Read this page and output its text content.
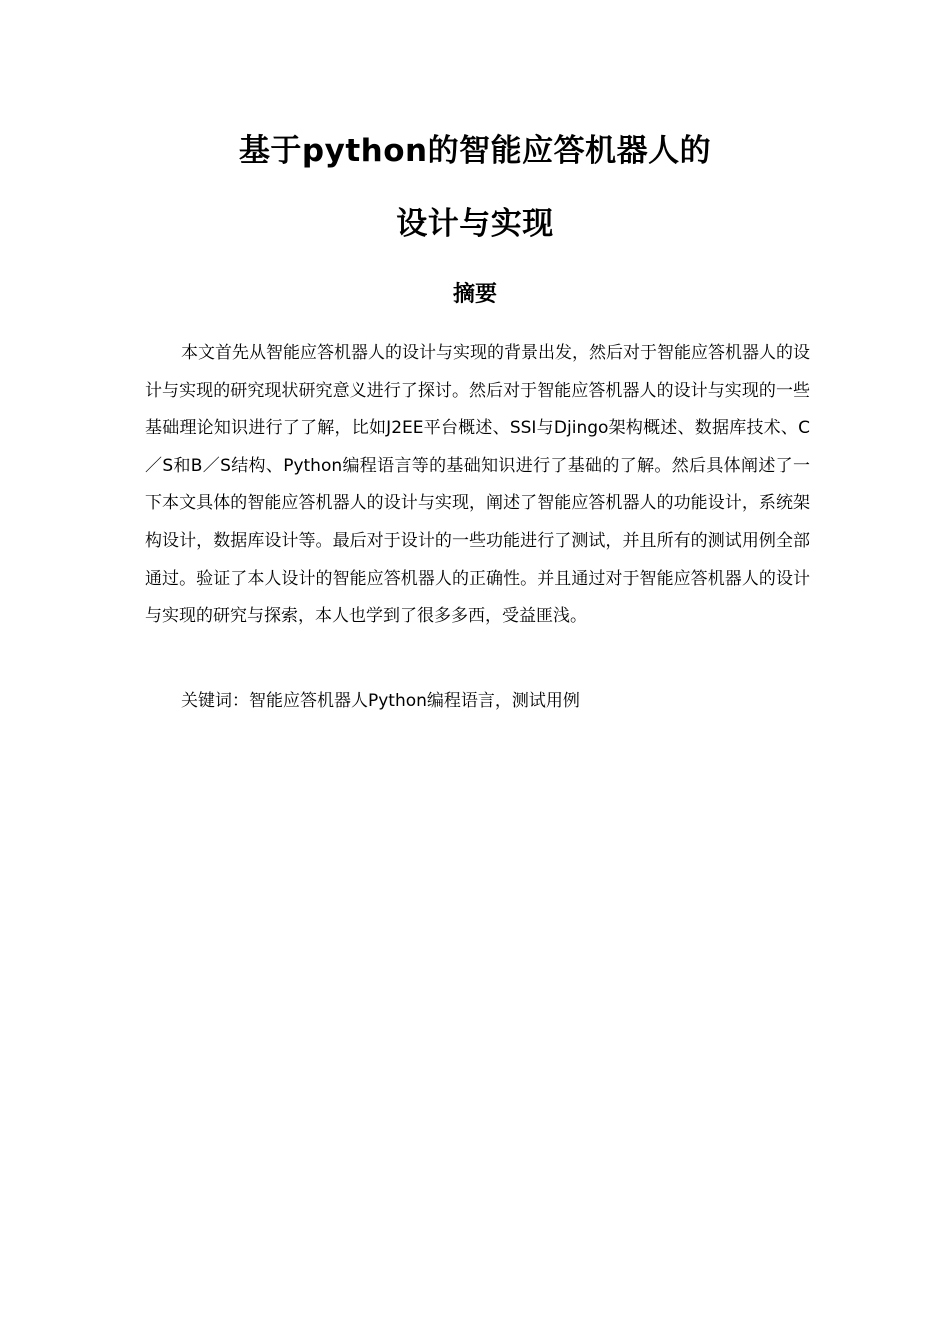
基于python的智能应答机器人的
设计与实现
摘要

本文首先从智能应答机器人的设计与实现的背景出发，然后对于智能应答机器人的设计与实现的研究现状研究意义进行了探讨。然后对于智能应答机器人的设计与实现的一些基础理论知识进行了了解，比如J2EE平台概述、SSI与Djingo架构概述、数据库技术、C／S和B／S结构、Python编程语言等的基础知识进行了基础的了解。然后具体阐述了一下本文具体的智能应答机器人的设计与实现，阐述了智能应答机器人的功能设计，系统架构设计，数据库设计等。最后对于设计的一些功能进行了测试，并且所有的测试用例全部通过。验证了本人设计的智能应答机器人的正确性。并且通过对于智能应答机器人的设计与实现的研究与探索，本人也学到了很多多西，受益匪浅。

关键词：智能应答机器人Python编程语言，测试用例
